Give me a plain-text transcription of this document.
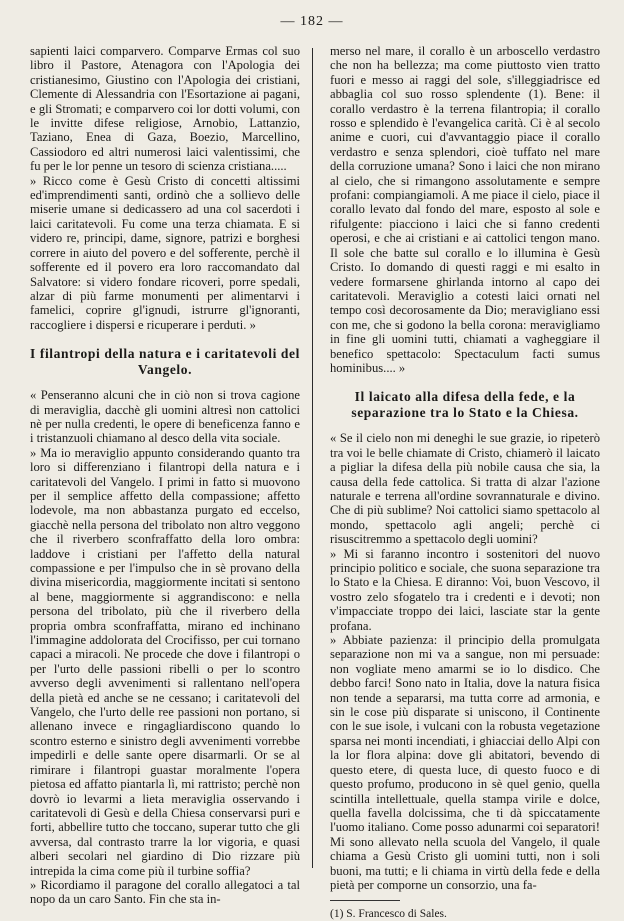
— 182 —

sapienti laici comparvero. Comparve Ermas col suo libro il Pastore, Atenagora con l'Apologia dei cristianesimo, Giustino con l'Apologia dei cristiani, Clemente di Alessandria con l'Esortazione ai pagani, e gli Stromati; e comparvero coi lor dotti volumi, con le invitte difese religiose, Arnobio, Lattanzio, Taziano, Enea di Gaza, Boezio, Marcellino, Cassiodoro ed altri numerosi laici valentissimi, che fu per le lor penne un tesoro di scienza cristiana.....

» Ricco come è Gesù Cristo di concetti altissimi ed'imprendimenti santi, ordinò che a sollievo delle miserie umane si dedicassero ad una col sacerdoti i laici caritatevoli. Fu come una terza chiamata. E si videro re, principi, dame, signore, patrizi e borghesi correre in aiuto del povero e del sofferente, perchè il sofferente ed il povero era loro raccomandato dal Salvatore: si videro fondare ricoveri, porre spedali, alzar di più farme monumenti per alimentarvi i famelici, coprire gl'ignudi, istrurre gl'ignoranti, raccogliere i dispersi e ricuperare i perduti. »

I filantropi della natura e i caritatevoli del Vangelo.

« Penseranno alcuni che in ciò non si trova cagione di meraviglia, dacchè gli uomini altresì non cattolici nè per nulla credenti, le opere di beneficenza fanno e i tristanzuoli chiamano al desco della vita sociale.

» Ma io meraviglio appunto considerando quanto tra loro si differenziano i filantropi della natura e i caritatevoli del Vangelo. I primi in fatto si muovono per il semplice affetto della compassione; affetto lodevole, ma non abbastanza purgato ed eccelso, giacchè nella persona del tribolato non altro veggono che il riverbero sconfraffatto della loro ombra: laddove i cristiani per l'affetto della natural compassione e per l'impulso che in sè provano della divina misericordia, maggiormente incitati si sentono al bene, maggiormente si aggrandiscono: e nella persona del tribolato, più che il riverbero della propria ombra sconfraffatta, mirano ed inchinano l'immagine addolorata del Crocifisso, per cui tornano capaci a miracoli. Ne procede che dove i filantropi o per l'urto delle passioni ribelli o per lo scontro avverso degli avvenimenti si rallentano nell'opera della pietà ed anche se ne cessano; i caritatevoli del Vangelo, che l'urto delle ree passioni non portano, si allenano invece e ringagliardiscono quando lo scontro esterno e sinistro degli avvenimenti vorrebbe impedirli e delle sante opere disarmarli. Or se al rimirare i filantropi guastar moralmente l'opera pietosa ed affatto piantarla lì, mi rattristo; perchè non dovrò io levarmi a lieta meraviglia osservando i caritatevoli di Gesù e della Chiesa conservarsi puri e forti, abbellire tutto che toccano, superar tutto che gli avversa, dal contrasto trarre la lor vigoria, e quasi alberi secolari nel giardino di Dio rizzare più intrepida la cima come più il turbine soffia?

» Ricordiamo il paragone del corallo allegatoci a tal nopo da un caro Santo. Fin che sta in-

merso nel mare, il corallo è un arboscello verdastro che non ha bellezza; ma come piuttosto vien tratto fuori e messo ai raggi del sole, s'illeggiadrisce ed abbaglia col suo rosso splendente (1). Bene: il corallo verdastro è la terrena filantropia; il corallo rosso e splendido è l'evangelica carità. Ci è al secolo anime e cuori, cui d'avvantaggio piace il corallo verdastro e senza splendori, cioè tuffato nel mare della corruzione umana? Sono i laici che non mirano al cielo, che si rimangono assolutamente e sempre profani: compiangiamoli. A me piace il cielo, piace il corallo levato dal fondo del mare, esposto al sole e rifulgente: piacciono i laici che si fanno credenti operosi, e che ai cristiani e ai cattolici tengon mano. Il sole che batte sul corallo e lo illumina è Gesù Cristo. Io domando di questi raggi e mi esalto in vedere formarsene ghirlanda intorno al capo dei caritatevoli. Meraviglio a cotesti laici ornati nel tempo così decorosamente da Dio; meravigliano essi con me, che si godono la bella corona: meravigliamo in fine gli uomini tutti, chiamati a vagheggiare il benefico spettacolo: Spectaculum facti sumus hominibus.... »

Il laicato alla difesa della fede, e la separazione tra lo Stato e la Chiesa.

« Se il cielo non mi deneghi le sue grazie, io ripeterò tra voi le belle chiamate di Cristo, chiamerò il laicato a pigliar la difesa della più nobile causa che sia, la causa della fede cattolica. Si tratta di alzar l'azione naturale e terrena all'ordine sovrannaturale e divino. Che di più sublime? Noi cattolici siamo spettacolo al mondo, spettacolo agli angeli; perchè ci risuscitremmo a spettacolo degli uomini?

» Mi si faranno incontro i sostenitori del nuovo principio politico e sociale, che suona separazione tra lo Stato e la Chiesa. E diranno: Voi, buon Vescovo, il vostro zelo sfogatelo tra i credenti e i devoti; non v'impacciate troppo dei laici, lasciate star la gente profana.

» Abbiate pazienza: il principio della promulgata separazione non mi va a sangue, non mi persuade: non vogliate meno amarmi se io lo disdico. Che debbo farci! Sono nato in Italia, dove la natura fisica non tende a separarsi, ma tutta corre ad armonia, e sin le cose più disparate si uniscono, il Continente con le sue isole, i vulcani con la robusta vegetazione sparsa nei monti incendiati, i ghiacciai dello Alpi con la lor flora alpina: dove gli abitatori, bevendo di questo etere, di questa luce, di questo fuoco e di questo profumo, producono in sè quel genio, quella scintilla intellettuale, quella stampa virile e dolce, quella favella dolcissima, che ti dà spiccatamente l'uomo italiano. Come posso adunarmi coi separatori! Mi sono allevato nella scuola del Vangelo, il quale chiama a Gesù Cristo gli uomini tutti, non i soli buoni, ma tutti; e li chiama in virtù della fede e della pietà per comporne un consorzio, una fa-

(1) S. Francesco di Sales.
